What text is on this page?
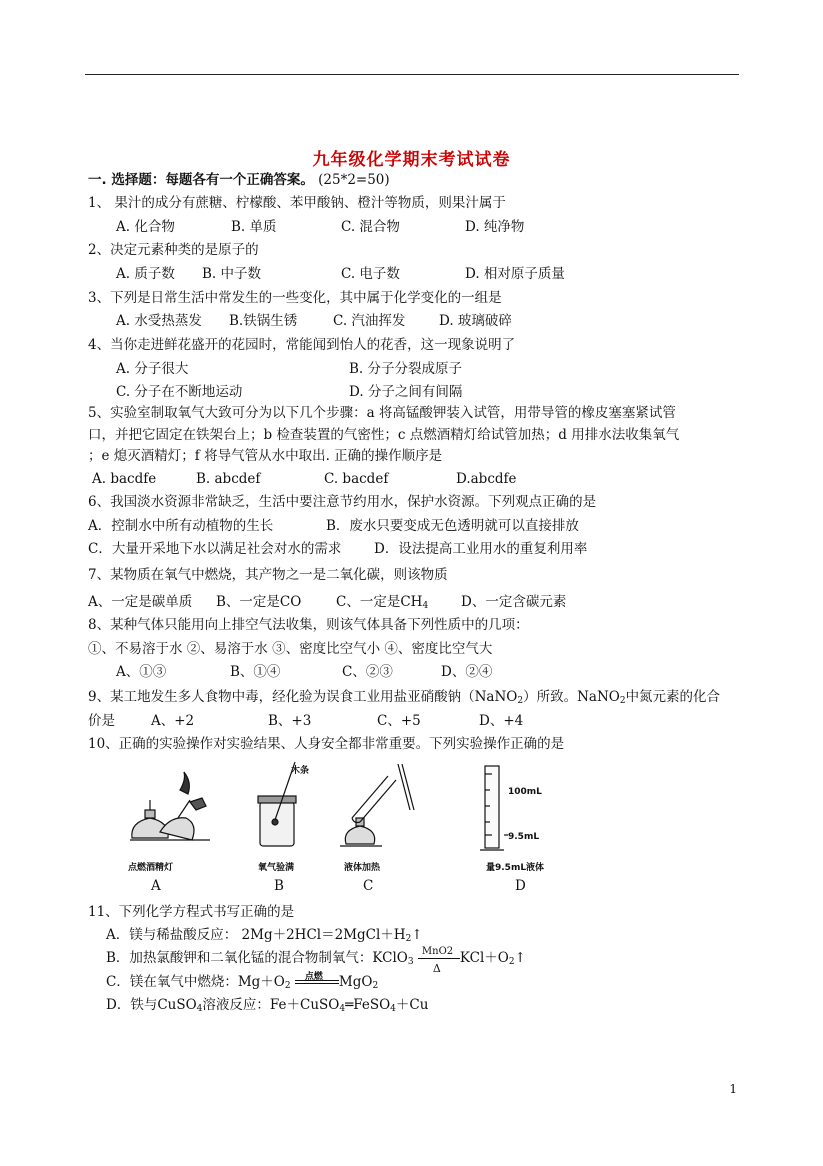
九年级化学期末考试试卷
一. 选择题：每题各有一个正确答案。 (25*2=50)
1、 果汁的成分有蔗糖、柠檬酸、苯甲酸钠、橙汁等物质，则果汁属于
A. 化合物	B. 单质	C. 混合物	D. 纯净物
2、决定元素种类的是原子的
A. 质子数 B. 中子数	C. 电子数	D. 相对原子质量
3、下列是日常生活中常发生的一些变化，其中属于化学变化的一组是
A. 水受热蒸发 B.铁锅生锈	C. 汽油挥发 D. 玻璃破碎
4、当你走进鲜花盛开的花园时，常能闻到怡人的花香，这一现象说明了
A. 分子很大	B. 分子分裂成原子
C. 分子在不断地运动	D. 分子之间有间隔
5、实验室制取氧气大致可分为以下几个步骤：a 将高锰酸钾装入试管，用带导管的橡皮塞塞紧试管
口，并把它固定在铁架台上；b 检查装置的气密性；c 点燃酒精灯给试管加热；d 用排水法收集氧气
；e 熄灭酒精灯；f 将导气管从水中取出. 正确的操作顺序是
A. bacdfe	B. abcdef	C. bacdef	D.abcdfe
6、我国淡水资源非常缺乏，生活中要注意节约用水，保护水资源。下列观点正确的是
A．控制水中所有动植物的生长	B．废水只要变成无色透明就可以直接排放
C．大量开采地下水以满足社会对水的需求 D．设法提高工业用水的重复利用率
7、某物质在氧气中燃烧，其产物之一是二氧化碳，则该物质
A、一定是碳单质 B、一定是CO	C、一定是$CH_4$ D、一定含碳元素
8、某种气体只能用向上排空气法收集，则该气体具备下列性质中的几项：
①、不易溶于水 ②、易溶于水 ③、密度比空气小 ④、密度比空气大
A、①③	B、①④	C、②③	D、②④
9、某工地发生多人食物中毒，经化验为误食工业用盐亚硝酸钠（NaNO$_2$）所致。NaNO$_2$中氮元素的化合
价是	A、+2	B、+3	C、+5	D、+4
10、正确的实验操作对实验结果、人身安全都非常重要。下列实验操作正确的是
木条
100mL
9.5mL
点燃酒精灯	氧气验满	液体加热	量9.5mL液体
A	B	C	D
11、下列化学方程式书写正确的是
A．镁与稀盐酸反应： $2Mg+2HCl=2MgCl+H_2↑$
B．加热氯酸钾和二氧化锰的混合物制氧气：KClO$_3$
MnO2
Δ
$KCl+O_2↑$
C．镁在氧气中燃烧：$Mg+O_2$
点燃 MgO$_2$
D．铁与CuSO$_4$溶液反应：Fe＋CuSO$_4$═FeSO$_4$＋Cu
1
